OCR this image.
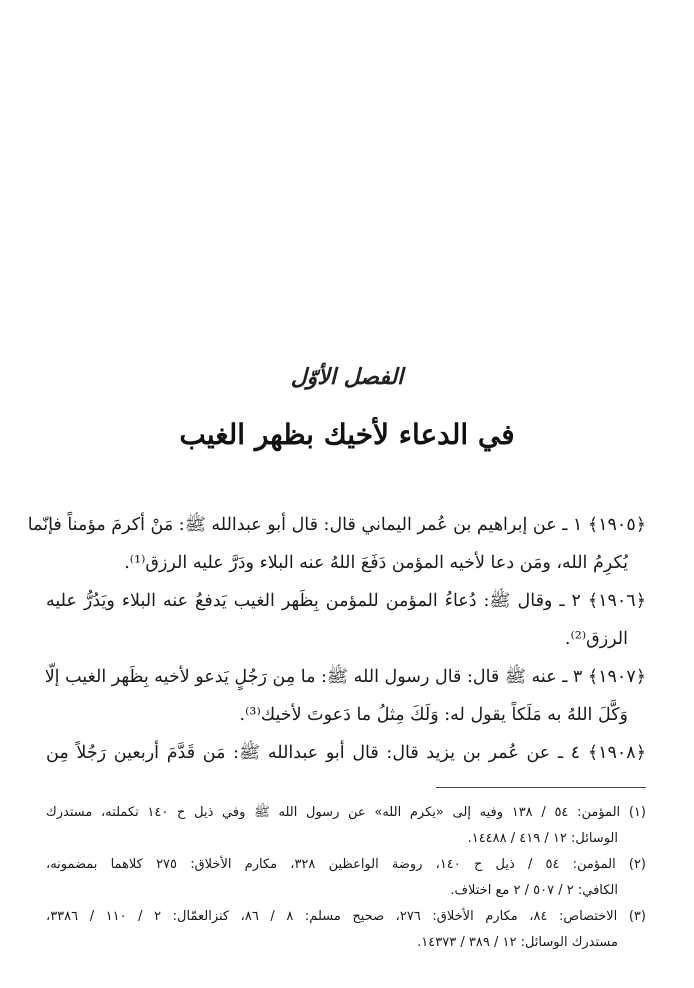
الفصل الأوّل
في الدعاء لأخيك بظهر الغيب
﴿١٩٠٥﴾ ١ ـ عن إبراهيم بن عُمر اليماني قال: قال أبو عبدالله ﷺ: مَنْ أكرمَ مؤمناً فإنّما
يُكرِمُ الله، ومَن دعا لأخيه المؤمن دَفَعَ اللهُ عنه البلاء ودَرَّ عليه الرزق⁽¹⁾.
﴿١٩٠٦﴾ ٢ ـ وقال ﷺ: دُعاءُ المؤمن للمؤمن بِظَهر الغيب يَدفعُ عنه البلاء ويَدُرُّ عليه
الرزق⁽²⁾.
﴿١٩٠٧﴾ ٣ ـ عنه ﷺ قال: قال رسول الله ﷺ: ما مِن رَجُلٍ يَدعو لأخيه بِظَهر الغيب إلّا
وَكَّلَ اللهُ به مَلَكاً يقول له: وَلَكَ مِثلُ ما دَعوتَ لأخيك⁽³⁾.
﴿١٩٠٨﴾ ٤ ـ عن عُمر بن يزيد قال: قال أبو عبدالله ﷺ: مَن قَدَّمَ أربعين رَجُلاً مِن
(١) المؤمن: ٥٤ / ١٣٨ وفيه إلى «يكرم الله» عن رسول الله ﷺ وفي ذيل ح ١٤٠ تكملته، مستدرك
الوسائل: ١٢ / ٤١٩ / ١٤٤٨٨.
(٢) المؤمن: ٥٤ / ذيل ح ١٤٠، روضة الواعظين ٣٢٨، مكارم الأخلاق: ٢٧٥ كلاهما بمضمونه،
الكافي: ٢ / ٥٠٧ / ٢ مع اختلاف.
(٣) الاختصاص: ٨٤، مكارم الأخلاق: ٢٧٦، صحيح مسلم: ٨ / ٨٦، كنزالعمّال: ٢ / ١١٠ / ٣٣٨٦،
مستدرك الوسائل: ١٢ / ٣٨٩ / ١٤٣٧٣.
